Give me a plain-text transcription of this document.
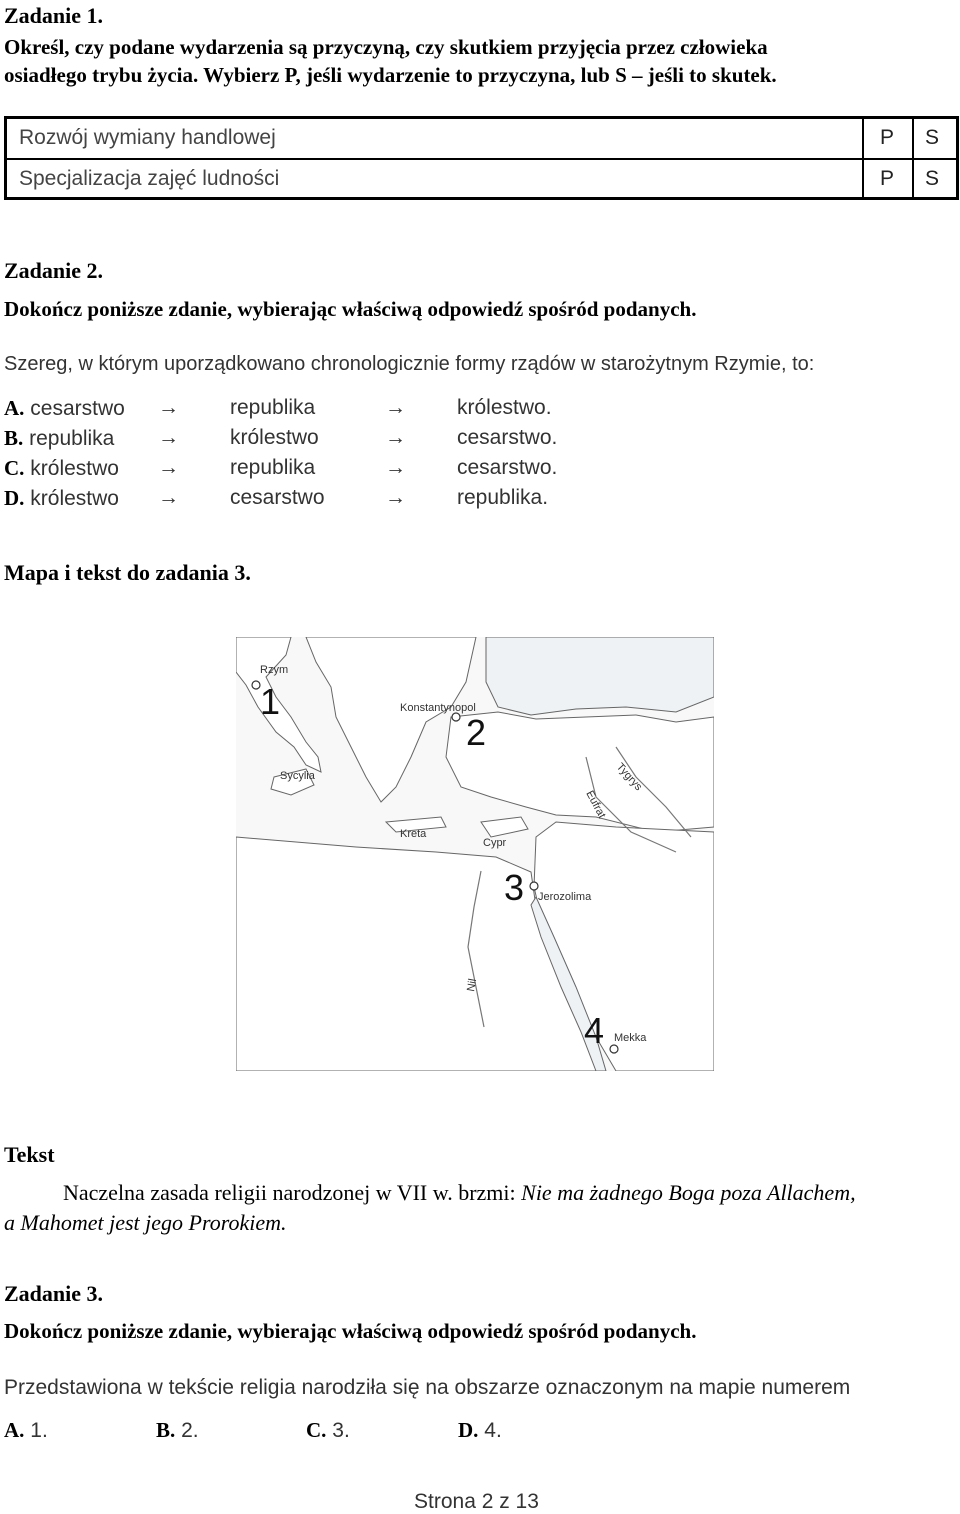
Zadanie 1.
Określ, czy podane wydarzenia są przyczyną, czy skutkiem przyjęcia przez człowieka
osiadłego trybu życia. Wybierz P, jeśli wydarzenie to przyczyna, lub S – jeśli to skutek.
Rozwój wymiany handlowej	P	S
Specjalizacja zajęć ludności	P	S
Zadanie 2.
Dokończ poniższe zdanie, wybierając właściwą odpowiedź spośród podanych.
Szereg, w którym uporządkowano chronologicznie formy rządów w starożytnym Rzymie, to:
A. cesarstwo → republika	→ królestwo.
B. republika → królestwo	→ cesarstwo.
C. królestwo → republika	→ cesarstwo.
D. królestwo → cesarstwo	→ republika.
Mapa i tekst do zadania 3.
Rzym
Konstantynopol
Sycylia
Kreta
Cypr
Jerozolima
Mekka
Tygrys
Eufrat
Nil
1
2
3
4
Tekst
Naczelna zasada religii narodzonej w VII w. brzmi: Nie ma żadnego Boga poza Allachem,
a Mahomet jest jego Prorokiem.
Zadanie 3.
Dokończ poniższe zdanie, wybierając właściwą odpowiedź spośród podanych.
Przedstawiona w tekście religia narodziła się na obszarze oznaczonym na mapie numerem
A. 1.	B. 2.	C. 3.	D. 4.
Strona 2 z 13
